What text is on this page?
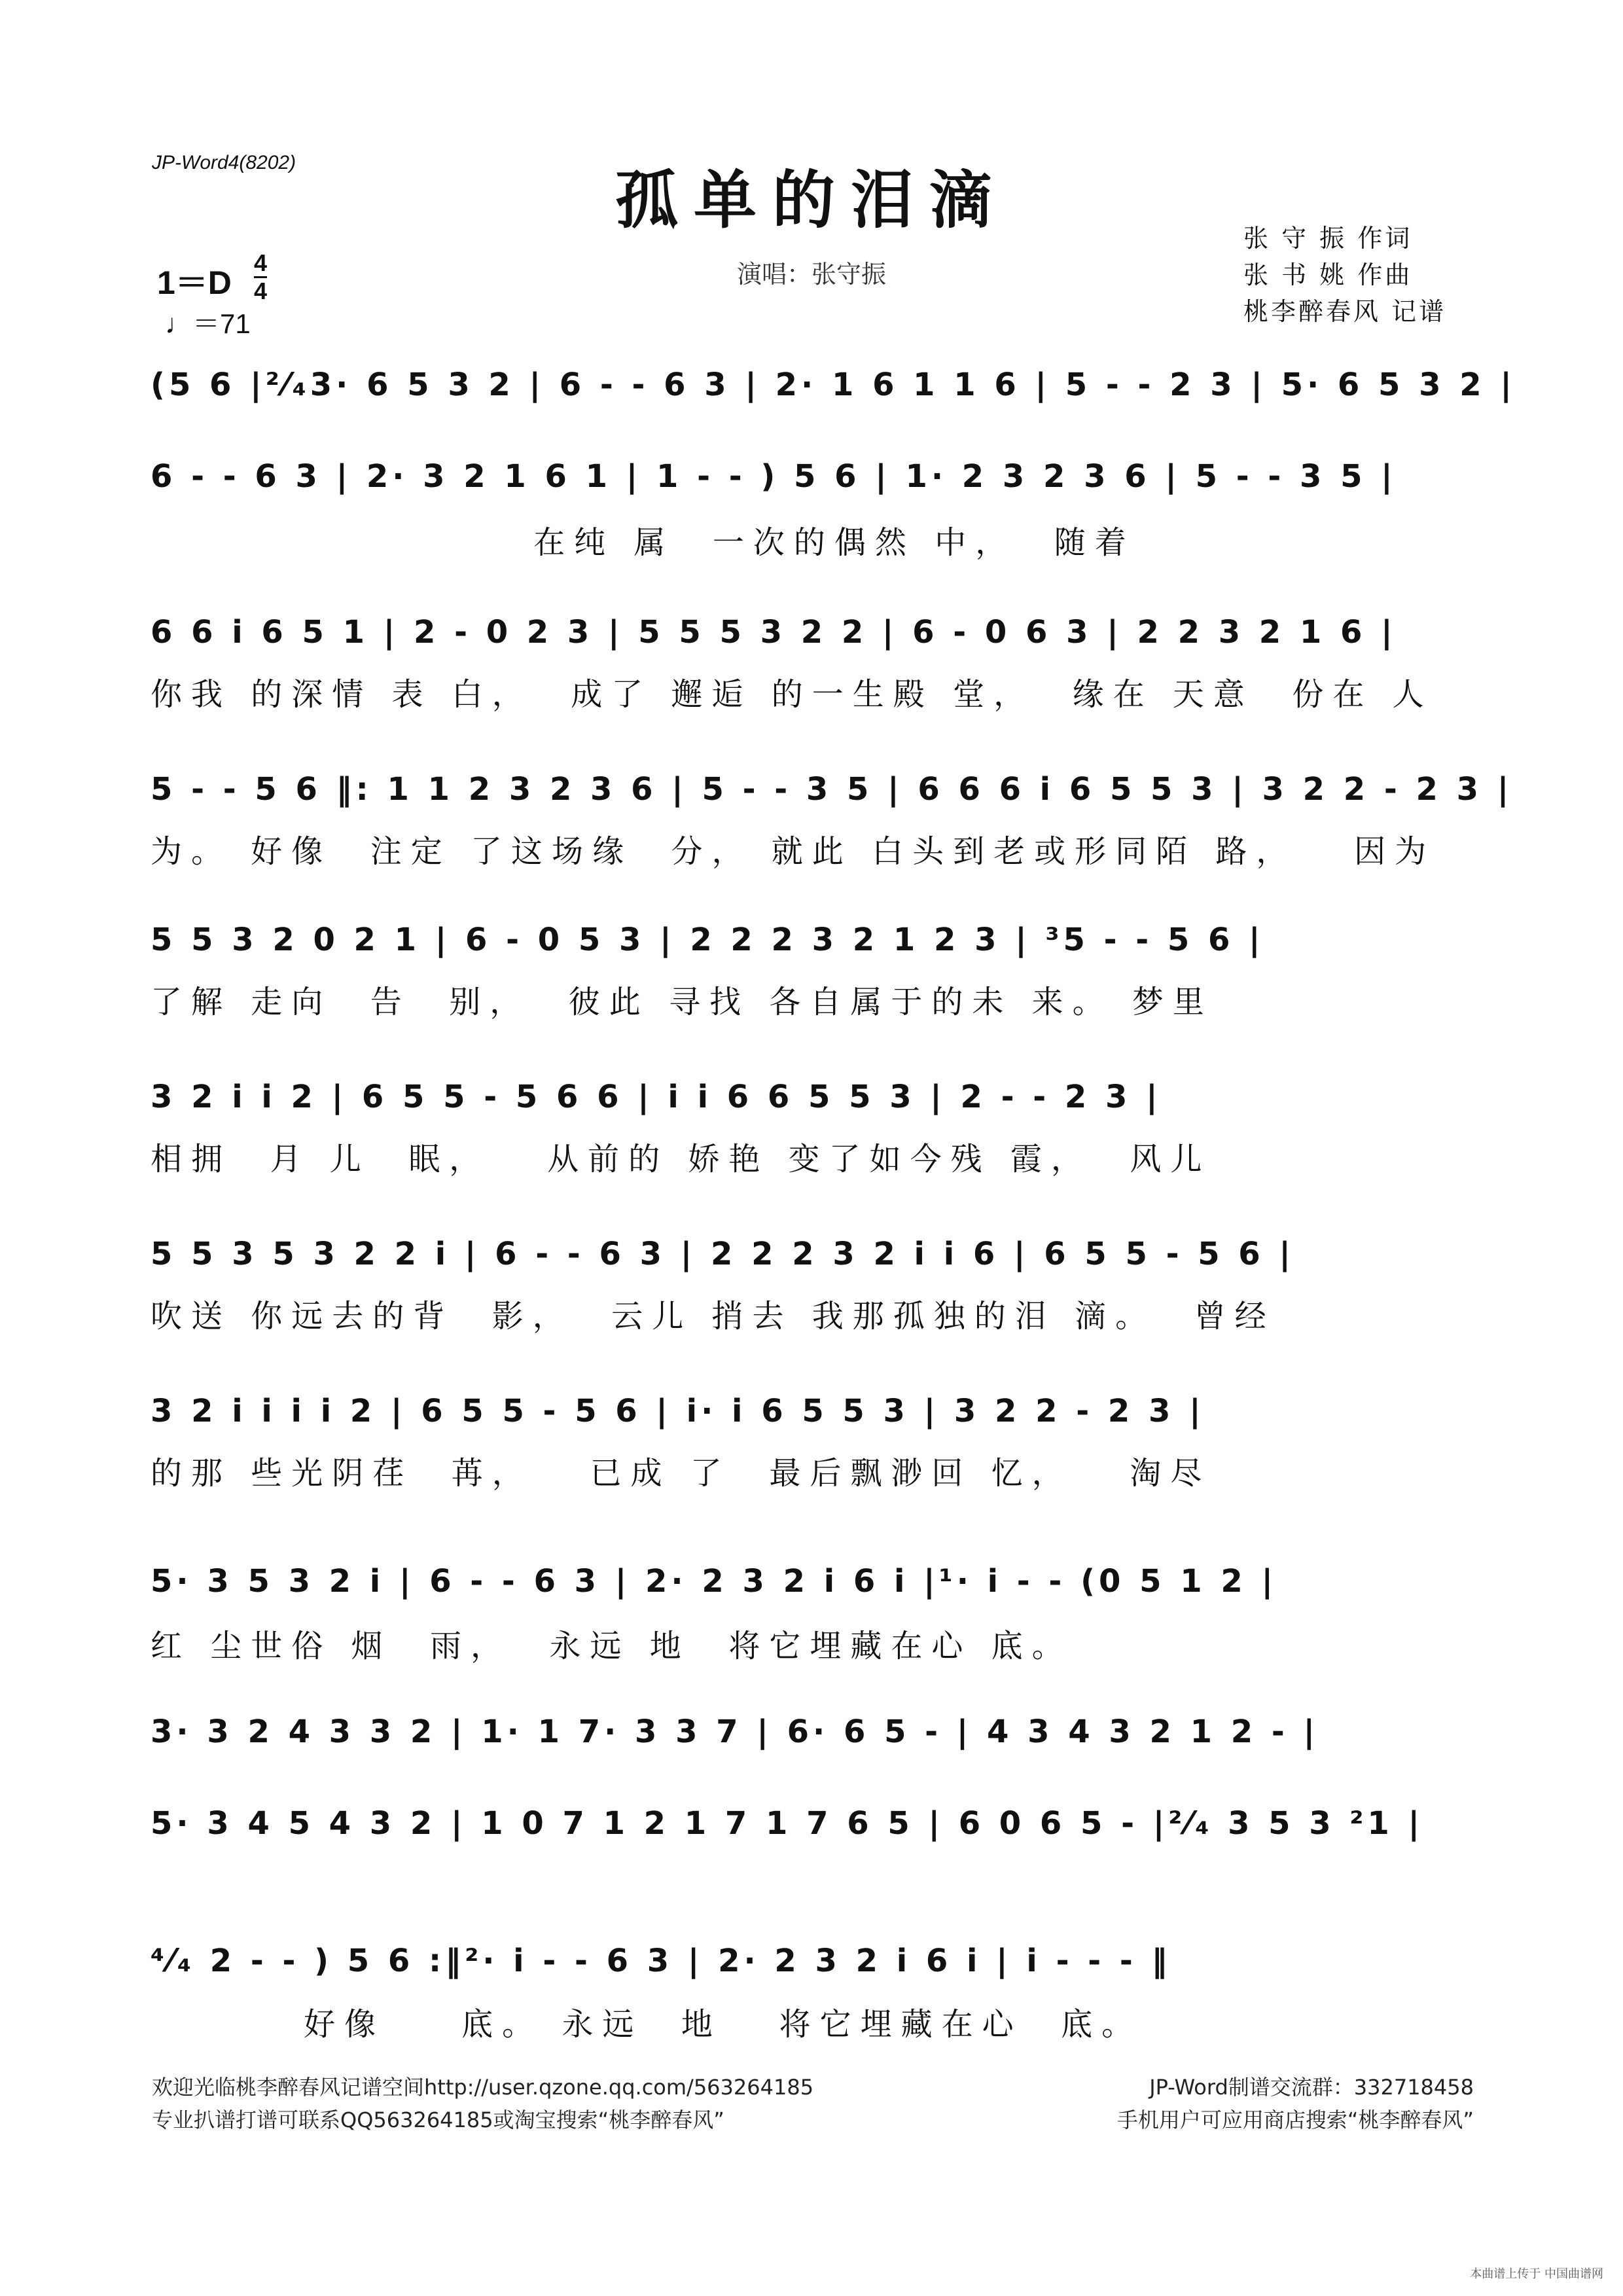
JP-Word4(8202)
孤单的泪滴
演唱：张守振
1＝D
4
4
♩＝71
张 守 振 作词
张 书 姚 作曲
桃李醉春风 记谱
(5 6 |²⁄₄3· 6 5 3 2 | 6 - - 6 3 | 2· 1 6 1 1 6 | 5 - - 2 3 | 5· 6 5 3 2 |
6 - - 6 3 | 2· 3 2 1 6 1 | 1 - - ) 5 6 | 1· 2 3 2 3 6 | 5 - - 3 5 |
在纯 属  一次的偶然 中，  随着
6 6 i 6 5 1 | 2 - 0 2 3 | 5 5 5 3 2 2 | 6 - 0 6 3 | 2 2 3 2 1 6 |
你我 的深情 表 白，  成了 邂逅 的一生殿 堂，  缘在 天意  份在 人
5 - - 5 6 ‖: 1 1 2 3 2 3 6 | 5 - - 3 5 | 6 6 6 i 6 5 5 3 | 3 2 2 - 2 3 |
为。 好像  注定 了这场缘  分， 就此 白头到老或形同陌 路，   因为
5 5 3 2 0 2 1 | 6 - 0 5 3 | 2 2 2 3 2 1 2 3 | ³5 - - 5 6 |
了解 走向  告  别，  彼此 寻找 各自属于的未 来。 梦里
3 2 i i 2 | 6 5 5 - 5 6 6 | i i 6 6 5 5 3 | 2 - - 2 3 |
相拥  月 儿  眠，   从前的 娇艳 变了如今残 霞，  风儿
5 5 3 5 3 2 2 i | 6 - - 6 3 | 2 2 2 3 2 i i 6 | 6 5 5 - 5 6 |
吹送 你远去的背  影，  云儿 捎去 我那孤独的泪 滴。  曾经
3 2 i i i i 2 | 6 5 5 - 5 6 | i· i 6 5 5 3 | 3 2 2 - 2 3 |
的那 些光阴荏  苒，   已成 了  最后飘渺回 忆，   淘尽
5· 3 5 3 2 i | 6 - - 6 3 | 2· 2 3 2 i 6 i |¹· i - - (0 5 1 2 |
红 尘世俗 烟  雨，  永远 地  将它埋藏在心 底。
3· 3 2 4 3 3 2 | 1· 1 7· 3 3 7 | 6· 6 5 - | 4 3 4 3 2 1 2 - |
5· 3 4 5 4 3 2 | 1 0 7 1 2 1 7 1 7 6 5 | 6 0 6 5 - |²⁄₄ 3 5 3 ²1 |
⁴⁄₄ 2 - - ) 5 6 :‖²· i - - 6 3 | 2· 2 3 2 i 6 i | i - - - ‖
好像    底。 永远  地   将它埋藏在心  底。
欢迎光临桃李醉春风记谱空间http://user.qzone.qq.com/563264185	JP-Word制谱交流群：332718458
专业扒谱打谱可联系QQ563264185或淘宝搜索“桃李醉春风”	手机用户可应用商店搜索“桃李醉春风”
本曲谱上传于 中国曲谱网
